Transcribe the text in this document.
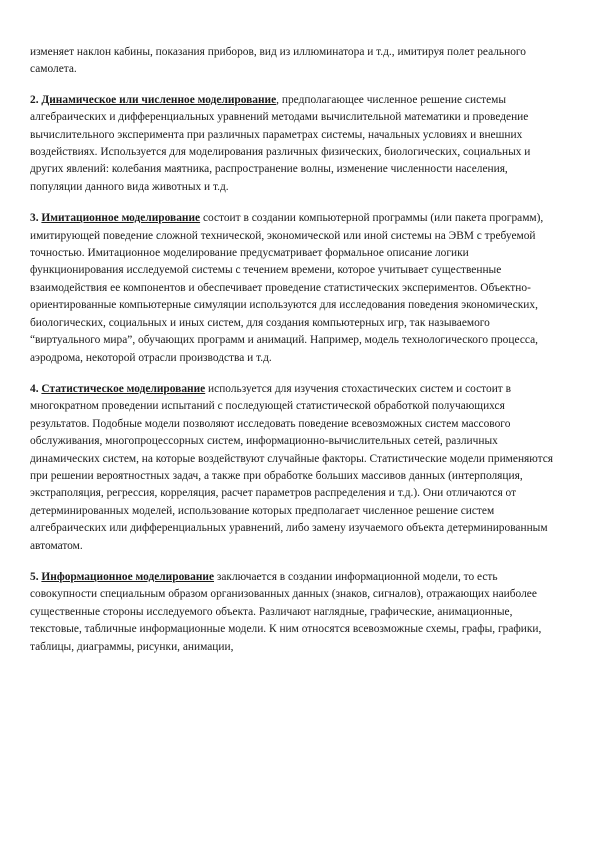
изменяет наклон кабины, показания приборов, вид из иллюминатора и т.д., имитируя полет реального самолета.

2. Динамическое или численное моделирование, предполагающее численное решение системы алгебраических и дифференциальных уравнений методами вычислительной математики и проведение вычислительного эксперимента при различных параметрах системы, начальных условиях и внешних воздействиях. Используется для моделирования различных физических, биологических, социальных и других явлений: колебания маятника, распространение волны, изменение численности населения, популяции данного вида животных и т.д.

3. Имитационное моделирование состоит в создании компьютерной программы (или пакета программ), имитирующей поведение сложной технической, экономической или иной системы на ЭВМ с требуемой точностью. Имитационное моделирование предусматривает формальное описание логики функционирования исследуемой системы с течением времени, которое учитывает существенные взаимодействия ее компонентов и обеспечивает проведение статистических экспериментов. Объектно-ориентированные компьютерные симуляции используются для исследования поведения экономических, биологических, социальных и иных систем, для создания компьютерных игр, так называемого “виртуального мира”, обучающих программ и анимаций. Например, модель технологического процесса, аэродрома, некоторой отрасли производства и т.д.

4. Статистическое моделирование используется для изучения стохастических систем и состоит в многократном проведении испытаний с последующей статистической обработкой получающихся результатов. Подобные модели позволяют исследовать поведение всевозможных систем массового обслуживания, многопроцессорных систем, информационно-вычислительных сетей, различных динамических систем, на которые воздействуют случайные факторы. Статистические модели применяются при решении вероятностных задач, а также при обработке больших массивов данных (интерполяция, экстраполяция, регрессия, корреляция, расчет параметров распределения и т.д.). Они отличаются от детерминированных моделей, использование которых предполагает численное решение систем алгебраических или дифференциальных уравнений, либо замену изучаемого объекта детерминированным автоматом.

5. Информационное моделирование заключается в создании информационной модели, то есть совокупности специальным образом организованных данных (знаков, сигналов), отражающих наиболее существенные стороны исследуемого объекта. Различают наглядные, графические, анимационные, текстовые, табличные информационные модели. К ним относятся всевозможные схемы, графы, графики, таблицы, диаграммы, рисунки, анимации,
